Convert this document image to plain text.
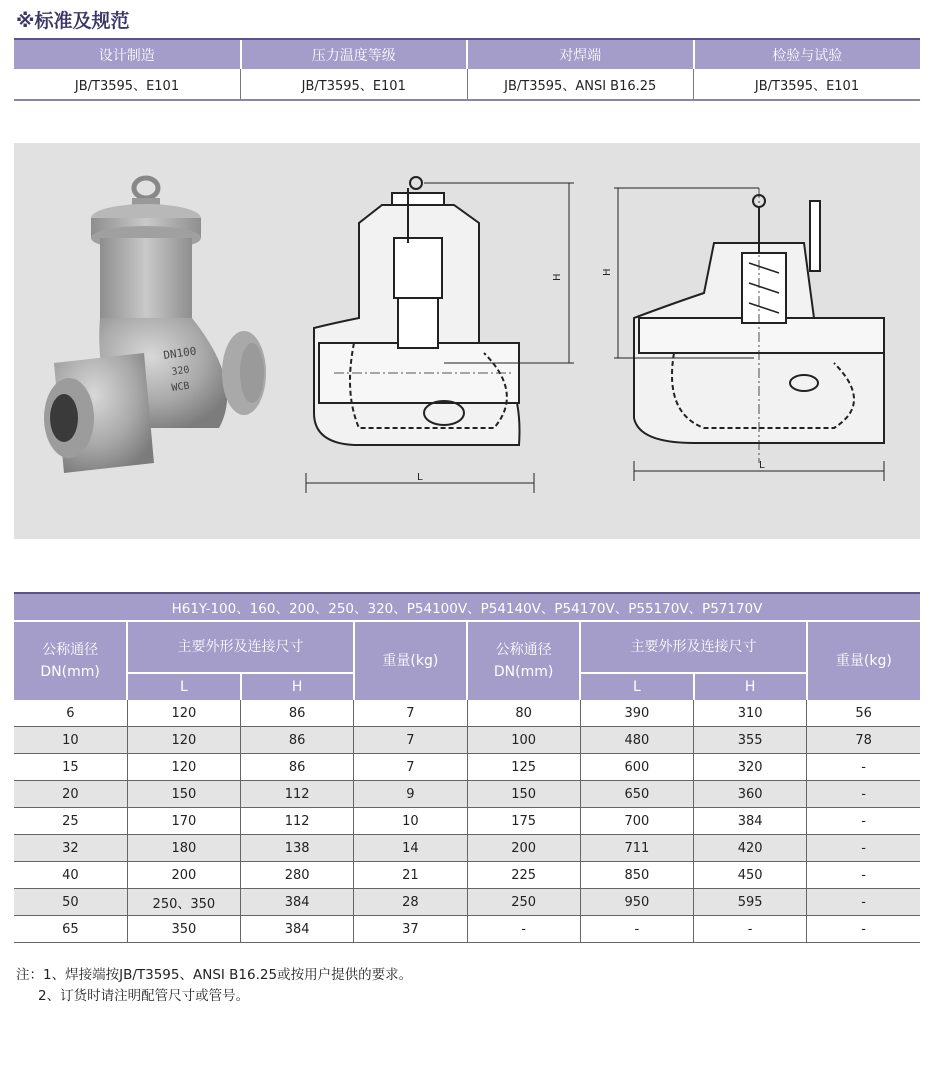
※标准及规范
设计制造	压力温度等级	对焊端	检验与试验
JB/T3595、E101	JB/T3595、E101	JB/T3595、ANSI B16.25	JB/T3595、E101
DN100
320
WCB
L
H
L
H
H61Y-100、160、200、250、320、P54100V、P54140V、P54170V、P55170V、P57170V							
公称通径DN(mm)	主要外形及连接尺寸		重量(kg)	公称通径DN(mm)	主要外形及连接尺寸		重量(kg)
	L	H			L	H	
6	120	86	7	80	390	310	56
10	120	86	7	100	480	355	78
15	120	86	7	125	600	320	-
20	150	112	9	150	650	360	-
25	170	112	10	175	700	384	-
32	180	138	14	200	711	420	-
40	200	280	21	225	850	450	-
50	250、350	384	28	250	950	595	-
65	350	384	37	-	-	-	-
注：1、焊接端按JB/T3595、ANSI B16.25或按用户提供的要求。
2、订货时请注明配管尺寸或管号。
